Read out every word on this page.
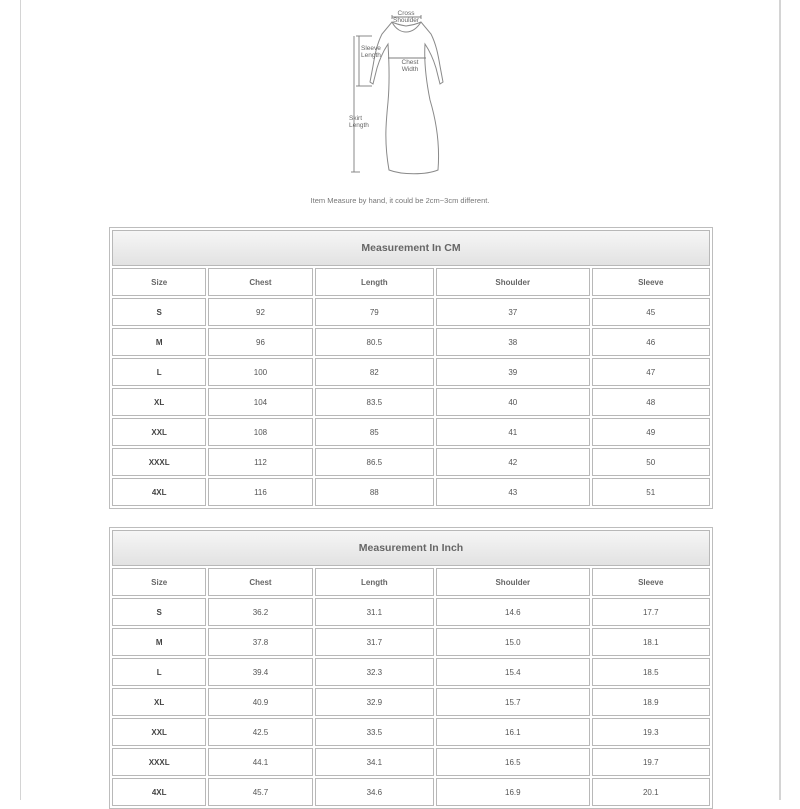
Cross
Shoulder
Sleeve
Length
Chest
Width
Skirt
Length
Item Measure by hand, it could be 2cm~3cm different.
Measurement In CM				
Size	Chest	Length	Shoulder	Sleeve
S	92	79	37	45
M	96	80.5	38	46
L	100	82	39	47
XL	104	83.5	40	48
XXL	108	85	41	49
XXXL	112	86.5	42	50
4XL	116	88	43	51
Measurement In Inch				
Size	Chest	Length	Shoulder	Sleeve
S	36.2	31.1	14.6	17.7
M	37.8	31.7	15.0	18.1
L	39.4	32.3	15.4	18.5
XL	40.9	32.9	15.7	18.9
XXL	42.5	33.5	16.1	19.3
XXXL	44.1	34.1	16.5	19.7
4XL	45.7	34.6	16.9	20.1
